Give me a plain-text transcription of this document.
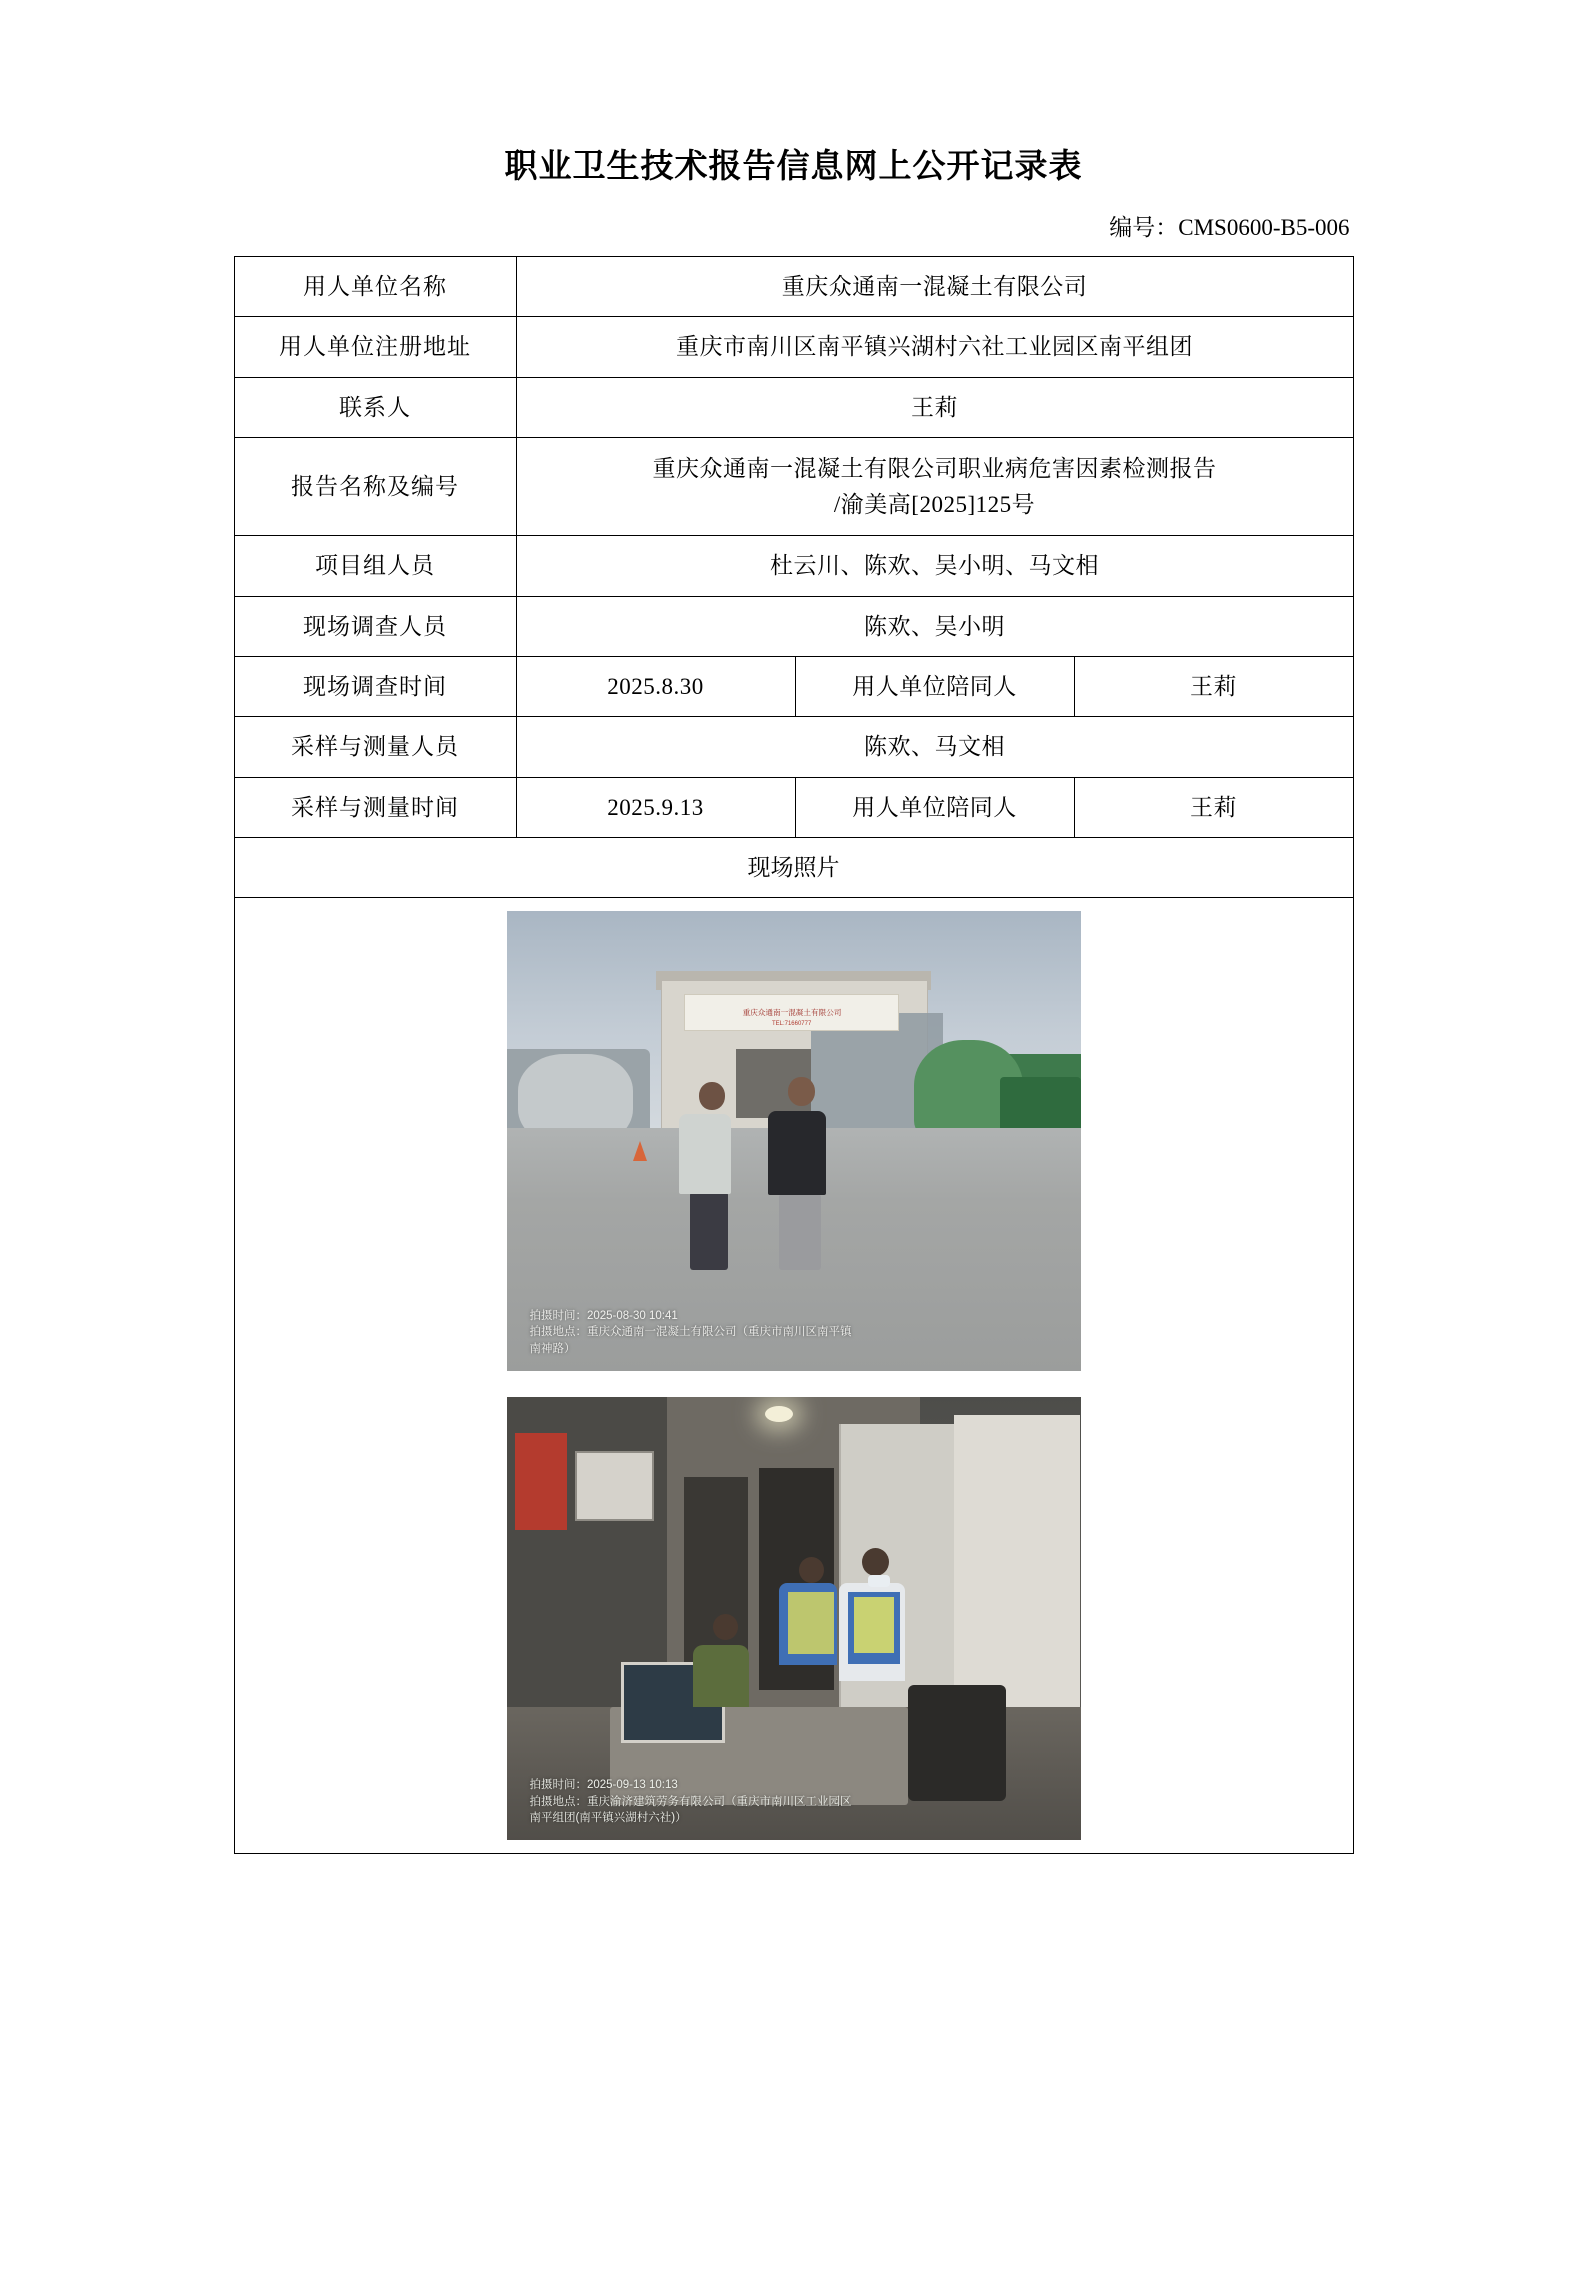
职业卫生技术报告信息网上公开记录表
编号：CMS0600-B5-006
用人单位名称	重庆众通南一混凝土有限公司		
用人单位注册地址	重庆市南川区南平镇兴湖村六社工业园区南平组团		
联系人	王莉		
报告名称及编号	重庆众通南一混凝土有限公司职业病危害因素检测报告
/渝美高[2025]125号		

项目组人员	杜云川、陈欢、吴小明、马文相		
现场调查人员	陈欢、吴小明		
现场调查时间	2025.8.30	用人单位陪同人	王莉
采样与测量人员	陈欢、马文相		
采样与测量时间	2025.9.13	用人单位陪同人	王莉
现场照片			

重庆众通南一混凝土有限公司
TEL:71660777
拍摄时间：2025-08-30 10:41
拍摄地点：重庆众通南一混凝土有限公司（重庆市南川区南平镇
南神路）
拍摄时间：2025-09-13 10:13
拍摄地点：重庆渝济建筑劳务有限公司（重庆市南川区工业园区
南平组团(南平镇兴湖村六社)）
